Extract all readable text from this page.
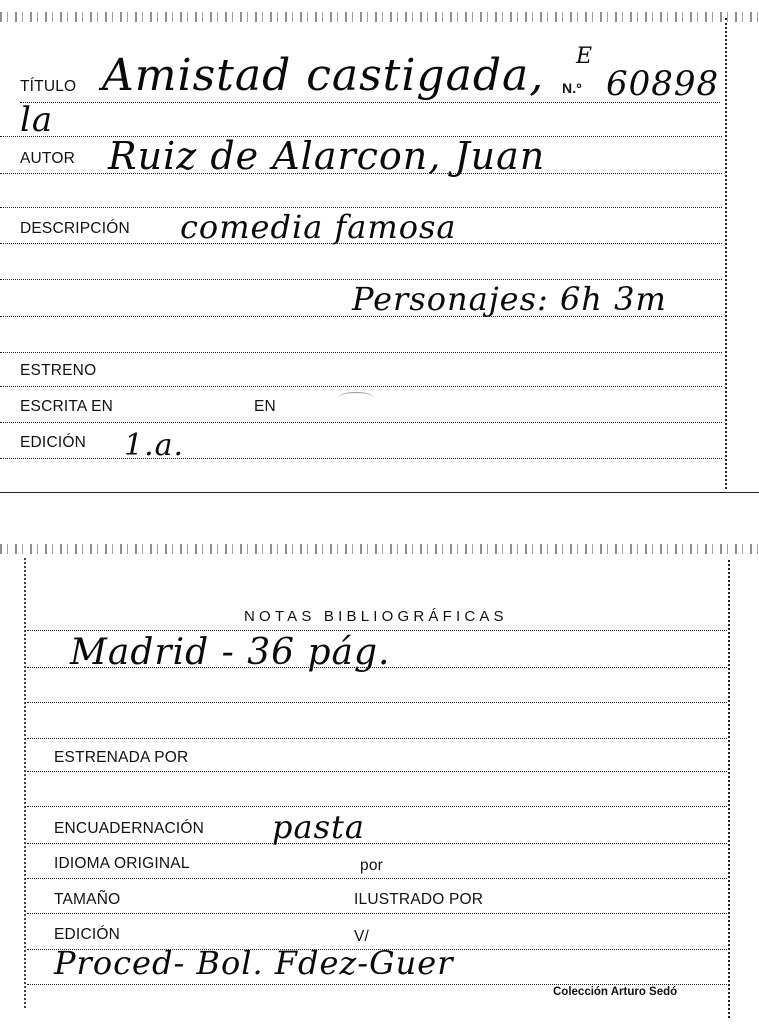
TÍTULO Amistad castigada, E
N.º 60898
la
AUTOR Ruiz de Alarcon, Juan
DESCRIPCIÓN comedia famosa
Personajes: 6h 3m
ESTRENO
ESCRITA EN	EN
EDICIÓN 1.a.
NOTAS BIBLIOGRÁFICAS
Madrid - 36 pág.
ESTRENADA POR
ENCUADERNACIÓN pasta
IDIOMA ORIGINAL	por
TAMAÑO	ILUSTRADO POR
EDICIÓN	V/
Proced- Bol. Fdez-Guer
Colección Arturo Sedó
